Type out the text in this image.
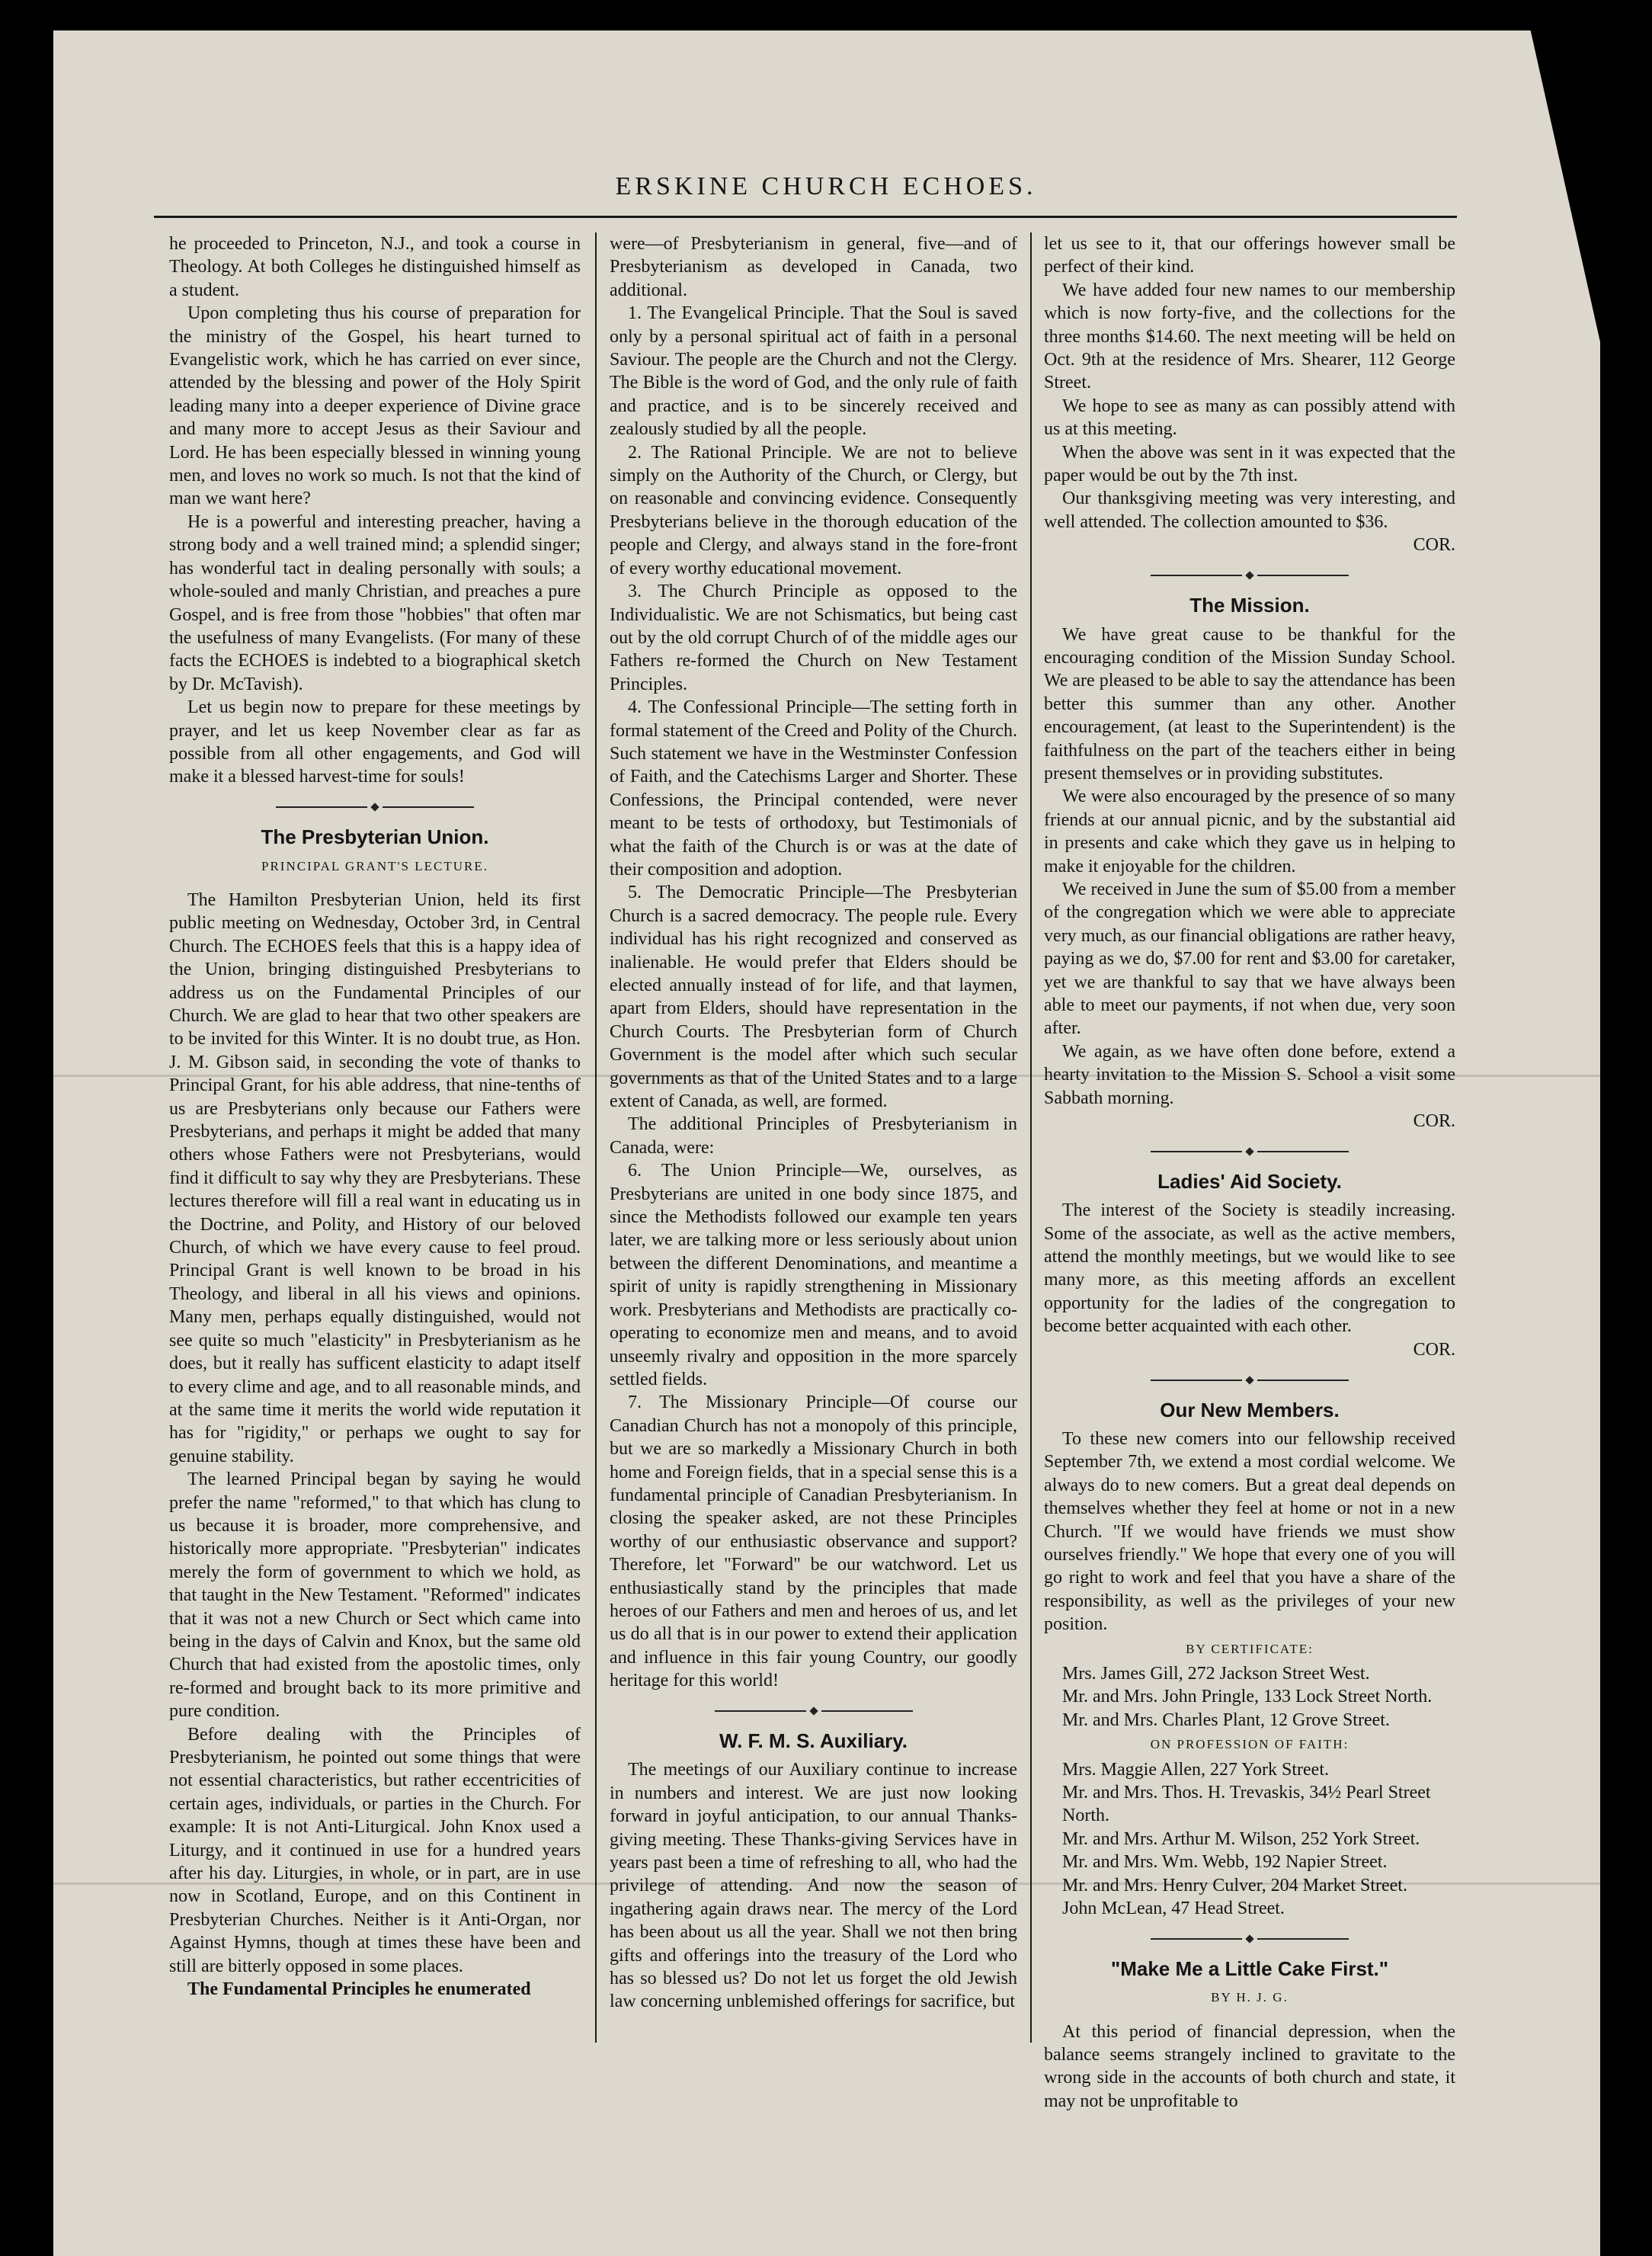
ERSKINE CHURCH ECHOES.

he proceeded to Princeton, N.J., and took a course in Theology. At both Colleges he distinguished himself as a student.

Upon completing thus his course of preparation for the ministry of the Gospel, his heart turned to Evangelistic work, which he has carried on ever since, attended by the blessing and power of the Holy Spirit leading many into a deeper experience of Divine grace and many more to accept Jesus as their Saviour and Lord. He has been especially blessed in winning young men, and loves no work so much. Is not that the kind of man we want here?

He is a powerful and interesting preacher, having a strong body and a well trained mind; a splendid singer; has wonderful tact in dealing personally with souls; a whole-souled and manly Christian, and preaches a pure Gospel, and is free from those "hobbies" that often mar the usefulness of many Evangelists. (For many of these facts the ECHOES is indebted to a biographical sketch by Dr. McTavish).

Let us begin now to prepare for these meetings by prayer, and let us keep November clear as far as possible from all other engagements, and God will make it a blessed harvest-time for souls!

The Presbyterian Union.
PRINCIPAL GRANT'S LECTURE.

The Hamilton Presbyterian Union, held its first public meeting on Wednesday, October 3rd, in Central Church. The ECHOES feels that this is a happy idea of the Union, bringing distinguished Presbyterians to address us on the Fundamental Principles of our Church. We are glad to hear that two other speakers are to be invited for this Winter. It is no doubt true, as Hon. J. M. Gibson said, in seconding the vote of thanks to Principal Grant, for his able address, that nine-tenths of us are Presbyterians only because our Fathers were Presbyterians, and perhaps it might be added that many others whose Fathers were not Presbyterians, would find it difficult to say why they are Presbyterians. These lectures therefore will fill a real want in educating us in the Doctrine, and Polity, and History of our beloved Church, of which we have every cause to feel proud. Principal Grant is well known to be broad in his Theology, and liberal in all his views and opinions. Many men, perhaps equally distinguished, would not see quite so much "elasticity" in Presbyterianism as he does, but it really has sufficent elasticity to adapt itself to every clime and age, and to all reasonable minds, and at the same time it merits the world wide reputation it has for "rigidity," or perhaps we ought to say for genuine stability.

The learned Principal began by saying he would prefer the name "reformed," to that which has clung to us because it is broader, more comprehensive, and historically more appropriate. "Presbyterian" indicates merely the form of government to which we hold, as that taught in the New Testament. "Reformed" indicates that it was not a new Church or Sect which came into being in the days of Calvin and Knox, but the same old Church that had existed from the apostolic times, only re-formed and brought back to its more primitive and pure condition.

Before dealing with the Principles of Presbyterianism, he pointed out some things that were not essential characteristics, but rather eccentricities of certain ages, individuals, or parties in the Church. For example: It is not Anti-Liturgical. John Knox used a Liturgy, and it continued in use for a hundred years after his day. Liturgies, in whole, or in part, are in use now in Scotland, Europe, and on this Continent in Presbyterian Churches. Neither is it Anti-Organ, nor Against Hymns, though at times these have been and still are bitterly opposed in some places.

The Fundamental Principles he enumerated

were—of Presbyterianism in general, five—and of Presbyterianism as developed in Canada, two additional.

1. The Evangelical Principle. That the Soul is saved only by a personal spiritual act of faith in a personal Saviour. The people are the Church and not the Clergy. The Bible is the word of God, and the only rule of faith and practice, and is to be sincerely received and zealously studied by all the people.

2. The Rational Principle. We are not to believe simply on the Authority of the Church, or Clergy, but on reasonable and convincing evidence. Consequently Presbyterians believe in the thorough education of the people and Clergy, and always stand in the fore-front of every worthy educational movement.

3. The Church Principle as opposed to the Individualistic. We are not Schismatics, but being cast out by the old corrupt Church of of the middle ages our Fathers re-formed the Church on New Testament Principles.

4. The Confessional Principle—The setting forth in formal statement of the Creed and Polity of the Church. Such statement we have in the Westminster Confession of Faith, and the Catechisms Larger and Shorter. These Confessions, the Principal contended, were never meant to be tests of orthodoxy, but Testimonials of what the faith of the Church is or was at the date of their composition and adoption.

5. The Democratic Principle—The Presbyterian Church is a sacred democracy. The people rule. Every individual has his right recognized and conserved as inalienable. He would prefer that Elders should be elected annually instead of for life, and that laymen, apart from Elders, should have representation in the Church Courts. The Presbyterian form of Church Government is the model after which such secular governments as that of the United States and to a large extent of Canada, as well, are formed.

The additional Principles of Presbyterianism in Canada, were:

6. The Union Principle—We, ourselves, as Presbyterians are united in one body since 1875, and since the Methodists followed our example ten years later, we are talking more or less seriously about union between the different Denominations, and meantime a spirit of unity is rapidly strengthening in Missionary work. Presbyterians and Methodists are practically co-operating to economize men and means, and to avoid unseemly rivalry and opposition in the more sparcely settled fields.

7. The Missionary Principle—Of course our Canadian Church has not a monopoly of this principle, but we are so markedly a Missionary Church in both home and Foreign fields, that in a special sense this is a fundamental principle of Canadian Presbyterianism. In closing the speaker asked, are not these Principles worthy of our enthusiastic observance and support? Therefore, let "Forward" be our watchword. Let us enthusiastically stand by the principles that made heroes of our Fathers and men and heroes of us, and let us do all that is in our power to extend their application and influence in this fair young Country, our goodly heritage for this world!

W. F. M. S. Auxiliary.

The meetings of our Auxiliary continue to increase in numbers and interest. We are just now looking forward in joyful anticipation, to our annual Thanks-giving meeting. These Thanks-giving Services have in years past been a time of refreshing to all, who had the privilege of attending. And now the season of ingathering again draws near. The mercy of the Lord has been about us all the year. Shall we not then bring gifts and offerings into the treasury of the Lord who has so blessed us? Do not let us forget the old Jewish law concerning unblemished offerings for sacrifice, but

let us see to it, that our offerings however small be perfect of their kind.

We have added four new names to our membership which is now forty-five, and the collections for the three months $14.60. The next meeting will be held on Oct. 9th at the residence of Mrs. Shearer, 112 George Street.

We hope to see as many as can possibly attend with us at this meeting.

When the above was sent in it was expected that the paper would be out by the 7th inst.

Our thanksgiving meeting was very interesting, and well attended. The collection amounted to $36.

COR.

The Mission.

We have great cause to be thankful for the encouraging condition of the Mission Sunday School. We are pleased to be able to say the attendance has been better this summer than any other. Another encouragement, (at least to the Superintendent) is the faithfulness on the part of the teachers either in being present themselves or in providing substitutes.

We were also encouraged by the presence of so many friends at our annual picnic, and by the substantial aid in presents and cake which they gave us in helping to make it enjoyable for the children.

We received in June the sum of $5.00 from a member of the congregation which we were able to appreciate very much, as our financial obligations are rather heavy, paying as we do, $7.00 for rent and $3.00 for caretaker, yet we are thankful to say that we have always been able to meet our payments, if not when due, very soon after.

We again, as we have often done before, extend a hearty invitation to the Mission S. School a visit some Sabbath morning.

COR.

Ladies' Aid Society.

The interest of the Society is steadily increasing. Some of the associate, as well as the active members, attend the monthly meetings, but we would like to see many more, as this meeting affords an excellent opportunity for the ladies of the congregation to become better acquainted with each other.

COR.

Our New Members.

To these new comers into our fellowship received September 7th, we extend a most cordial welcome. We always do to new comers. But a great deal depends on themselves whether they feel at home or not in a new Church. "If we would have friends we must show ourselves friendly." We hope that every one of you will go right to work and feel that you have a share of the responsibility, as well as the privileges of your new position.

BY CERTIFICATE:

Mrs. James Gill, 272 Jackson Street West.

Mr. and Mrs. John Pringle, 133 Lock Street North.

Mr. and Mrs. Charles Plant, 12 Grove Street.

ON PROFESSION OF FAITH:

Mrs. Maggie Allen, 227 York Street.

Mr. and Mrs. Thos. H. Trevaskis, 34½ Pearl Street North.

Mr. and Mrs. Arthur M. Wilson, 252 York Street.

Mr. and Mrs. Wm. Webb, 192 Napier Street.

Mr. and Mrs. Henry Culver, 204 Market Street.

John McLean, 47 Head Street.

"Make Me a Little Cake First."
BY H. J. G.

At this period of financial depression, when the balance seems strangely inclined to gravitate to the wrong side in the accounts of both church and state, it may not be unprofitable to
